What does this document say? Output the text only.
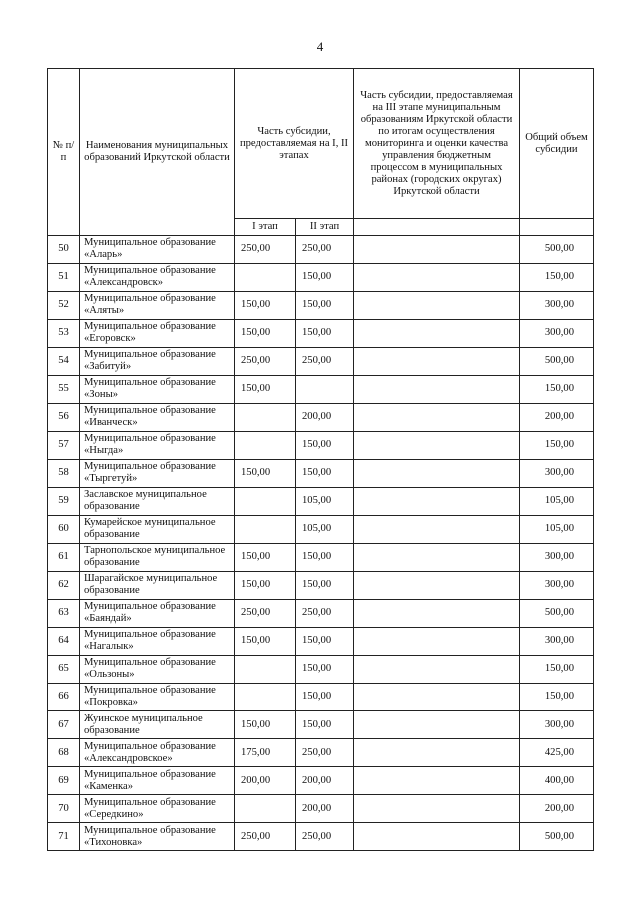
4
№ п/п	Наименования муниципальных образований Иркутской области	Часть субсидии, предоставляемая на I, II этапах		Часть субсидии, предоставляемая на III этапе муниципальным образованиям Иркутской области по итогам осуществления мониторинга и оценки качества управления бюджетным процессом в муниципальных районах (городских округах) Иркутской области	Общий объем субсидии
		I этап	II этап		
50	Муниципальное образование «Аларь»	250,00	250,00		500,00
51	Муниципальное образование «Александровск»		150,00		150,00
52	Муниципальное образование «Аляты»	150,00	150,00		300,00
53	Муниципальное образование «Егоровск»	150,00	150,00		300,00
54	Муниципальное образование «Забитуй»	250,00	250,00		500,00
55	Муниципальное образование «Зоны»	150,00			150,00
56	Муниципальное образование «Иванческ»		200,00		200,00
57	Муниципальное образование «Ныгда»		150,00		150,00
58	Муниципальное образование «Тыргетуй»	150,00	150,00		300,00
59	Заславское муниципальное образование		105,00		105,00
60	Кумарейское муниципальное образование		105,00		105,00
61	Тарнопольское муниципальное образование	150,00	150,00		300,00
62	Шарагайское муниципальное образование	150,00	150,00		300,00
63	Муниципальное образование «Баяндай»	250,00	250,00		500,00
64	Муниципальное образование «Нагалык»	150,00	150,00		300,00
65	Муниципальное образование «Ользоны»		150,00		150,00
66	Муниципальное образование «Покровка»		150,00		150,00
67	Жуинское муниципальное образование	150,00	150,00		300,00
68	Муниципальное образование «Александровское»	175,00	250,00		425,00
69	Муниципальное образование «Каменка»	200,00	200,00		400,00
70	Муниципальное образование «Середкино»		200,00		200,00
71	Муниципальное образование «Тихоновка»	250,00	250,00		500,00
